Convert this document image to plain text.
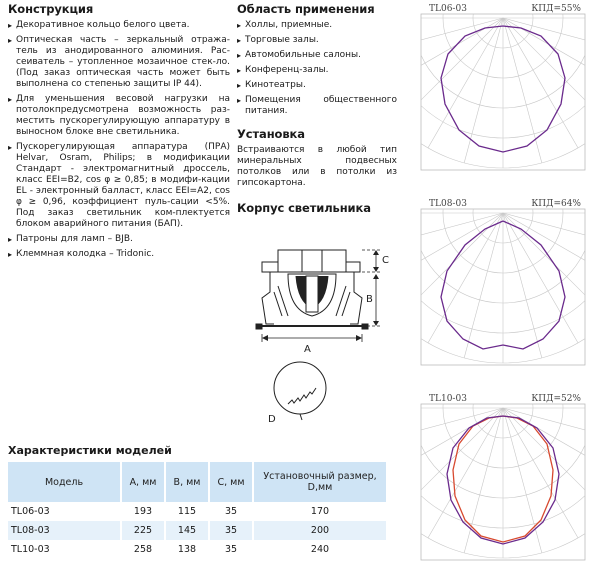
Конструкция
▸ Декоративное кольцо белого цвета.
▸ Оптическая часть – зеркальный отража-тель из анодированного алюминия. Рас-сеиватель – утопленное мозаичное стек-ло. (Под заказ оптическая часть может быть выполнена со степенью защиты IP 44).
▸ Для уменьшения весовой нагрузки на потолокпредусмотрена возможность раз-местить пускорегулирующую аппаратуру в выносном блоке вне светильника.
▸ Пускорегулирующая аппаратура (ПРА) Helvar, Osram, Philips; в модификации Стандарт - электромагнитный дроссель, класс EEI=B2, cos φ ≥ 0,85; в модифи-кации EL - электронный балласт, класс EEI=A2, cos φ ≥ 0,96, коэффициент пуль-сации <5%. Под заказ светильник ком-плектуется блоком аварийного питания (БАП).
▸ Патроны для ламп – BJB.
▸ Клеммная колодка – Tridonic.
Область применения
▸ Холлы, приемные.
▸ Торговые залы.
▸ Автомобильные салоны.
▸ Конференц-залы.
▸ Кинотеатры.
▸ Помещения общественного питания.
Установка

Встраиваются в любой тип минеральных подвесных потолков или в потолки из гипсокартона.

Корпус светильника
C
B
A
D
TL06-03	КПД=55%
TL08-03	КПД=64%
TL10-03	КПД=52%
Характеристики моделей
Модель	A, мм	B, мм	C, мм	Установочный размер, D,мм
TL06-03	193	115	35	170
TL08-03	225	145	35	200
TL10-03	258	138	35	240
